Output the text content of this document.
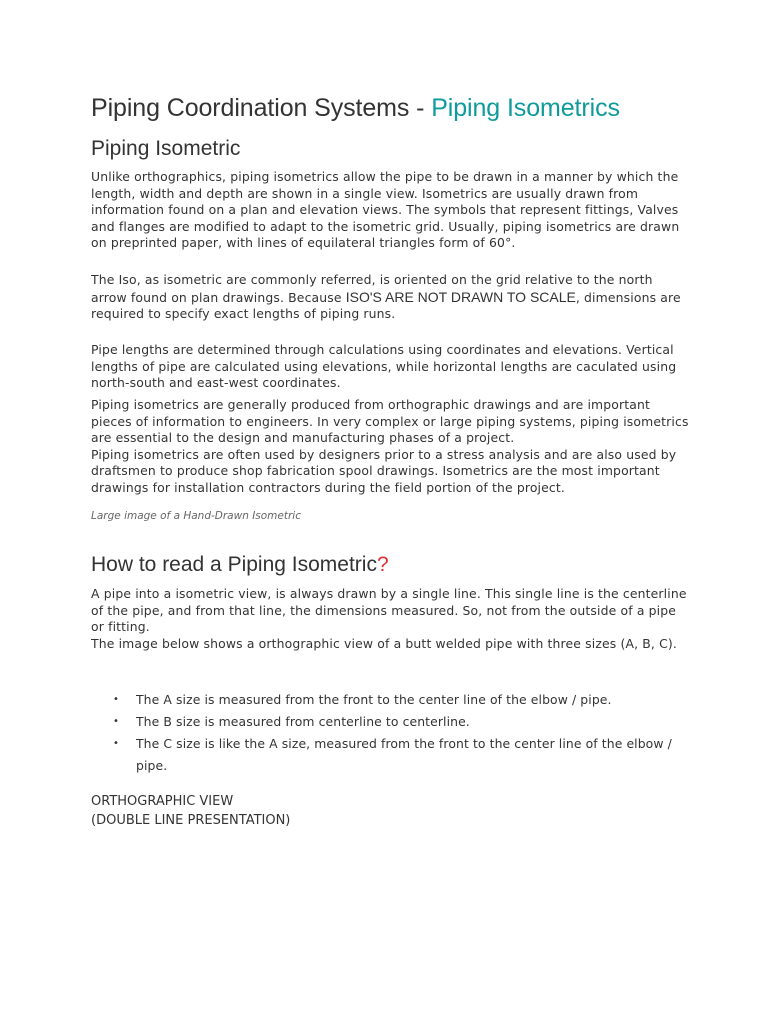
Piping Coordination Systems - Piping Isometrics
Piping Isometric

Unlike orthographics, piping isometrics allow the pipe to be drawn in a manner by which the length, width and depth are shown in a single view. Isometrics are usually drawn from information found on a plan and elevation views. The symbols that represent fittings, Valves and flanges are modified to adapt to the isometric grid. Usually, piping isometrics are drawn on preprinted paper, with lines of equilateral triangles form of 60°.

The Iso, as isometric are commonly referred, is oriented on the grid relative to the north arrow found on plan drawings. Because ISO'S ARE NOT DRAWN TO SCALE, dimensions are required to specify exact lengths of piping runs.

Pipe lengths are determined through calculations using coordinates and elevations. Vertical lengths of pipe are calculated using elevations, while horizontal lengths are caculated using north-south and east-west coordinates.

Piping isometrics are generally produced from orthographic drawings and are important pieces of information to engineers. In very complex or large piping systems, piping isometrics are essential to the design and manufacturing phases of a project.
Piping isometrics are often used by designers prior to a stress analysis and are also used by draftsmen to produce shop fabrication spool drawings. Isometrics are the most important drawings for installation contractors during the field portion of the project.

Large image of a Hand-Drawn Isometric

How to read a Piping Isometric?

A pipe into a isometric view, is always drawn by a single line. This single line is the centerline of the pipe, and from that line, the dimensions measured. So, not from the outside of a pipe or fitting.
The image below shows a orthographic view of a butt welded pipe with three sizes (A, B, C).

• The A size is measured from the front to the center line of the elbow / pipe.
• The B size is measured from centerline to centerline.
• The C size is like the A size, measured from the front to the center line of the elbow / pipe.

ORTHOGRAPHIC VIEW
(DOUBLE LINE PRESENTATION)
